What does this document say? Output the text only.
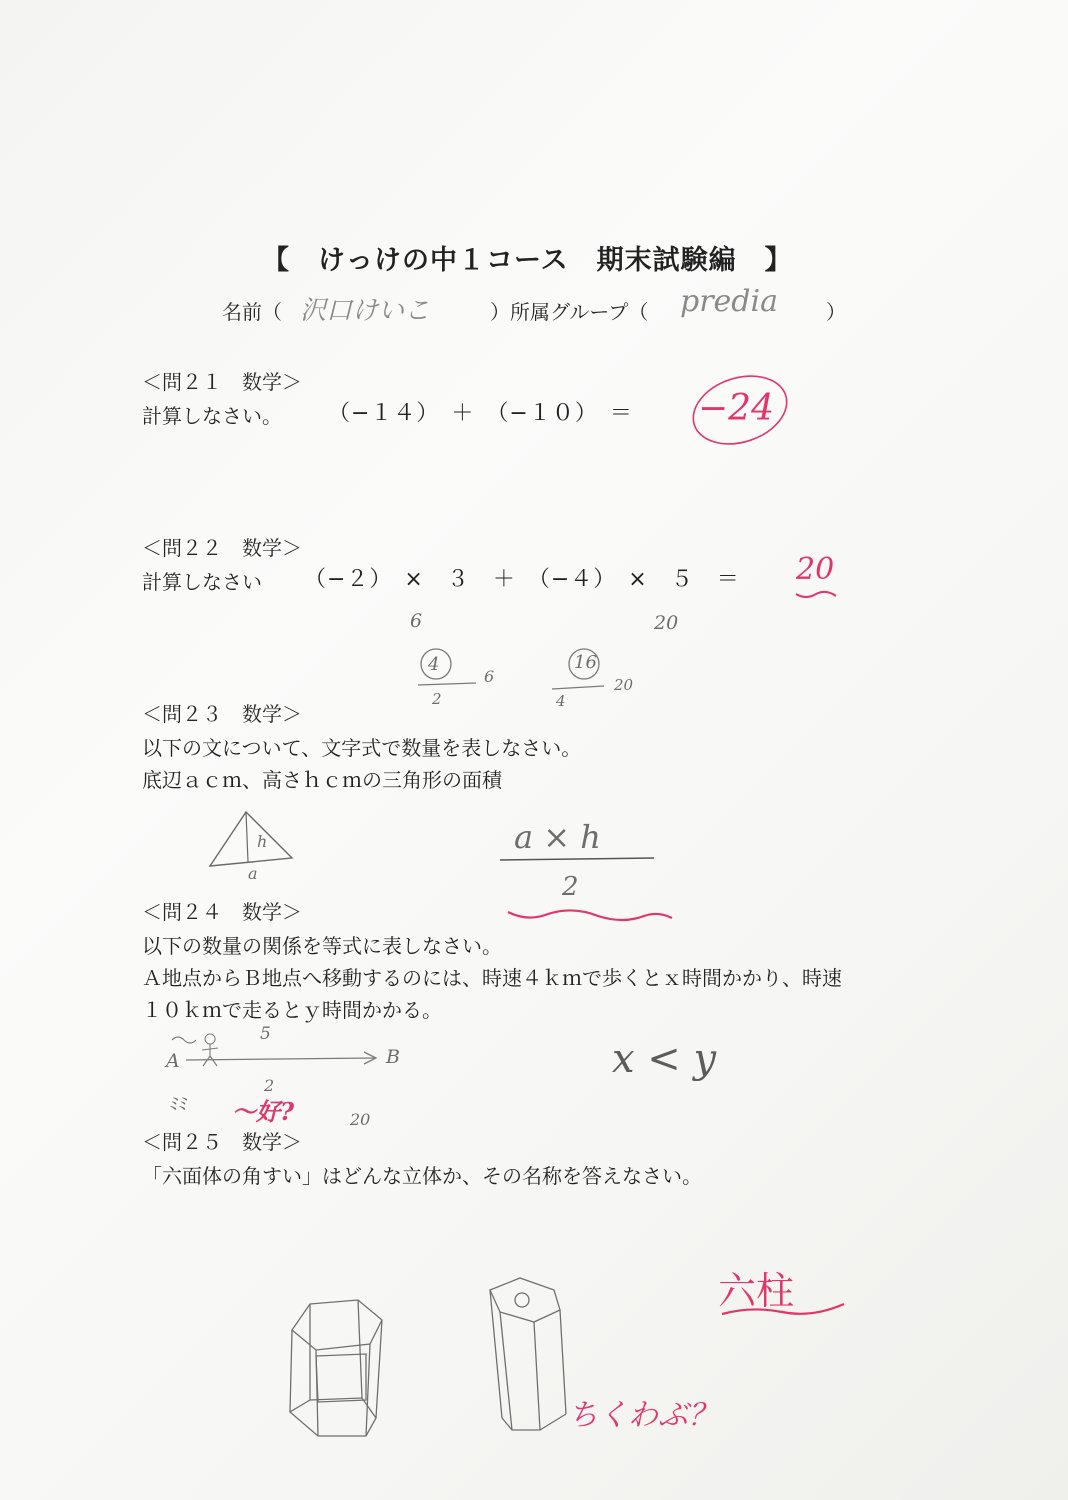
【　けっけの中１コース　期末試験編　】
名前（ 沢口けいこ	）所属グループ（ predia ）
＜問２１　数学＞
計算しなさい。 （−１４）　＋　（−１０）　＝ −24
＜問２２　数学＞
計算しなさい （−２）　×　３　＋　（−４）　×　５　＝ 20
6	20
4
2
6
16
4
20
＜問２３　数学＞
以下の文について、文字式で数量を表しなさい。
底辺ａｃｍ、高さｈｃｍの三角形の面積
h
a
a × h
2
＜問２４　数学＞
以下の数量の関係を等式に表しなさい。
Ａ地点からＢ地点へ移動するのには、時速４ｋｍで歩くとｘ時間かかり、時速
１０ｋｍで走るとｙ時間かかる。
A	B
5
2
20
ﾐﾐ
x < y
〜好?
＜問２５　数学＞
「六面体の角すい」はどんな立体か、その名称を答えなさい。
六柱
ちくわぶ？
